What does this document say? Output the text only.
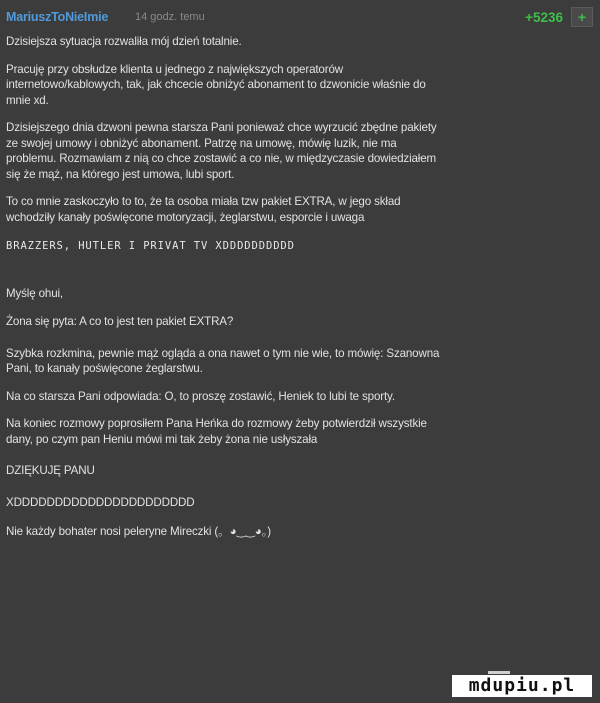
MariuszToNieImie 14 godz. temu	+5236	+

Dzisiejsza sytuacja rozwaliła mój dzień totalnie.

Pracuję przy obsłudze klienta u jednego z największych operatorów
internetowo/kablowych, tak, jak chcecie obniżyć abonament to dzwonicie właśnie do
mnie xd.

Dzisiejszego dnia dzwoni pewna starsza Pani ponieważ chce wyrzucić zbędne pakiety
ze swojej umowy i obniżyć abonament. Patrzę na umowę, mówię luzik, nie ma
problemu. Rozmawiam z nią co chce zostawić a co nie, w międzyczasie dowiedziałem
się że mąż, na którego jest umowa, lubi sport.

To co mnie zaskoczyło to to, że ta osoba miała tzw pakiet EXTRA, w jego skład
wchodziły kanały poświęcone motoryzacji, żeglarstwu, esporcie i uwaga

BRAZZERS, HUTLER I PRIVAT TV XDDDDDDDDDD

Myślę ohui,

Żona się pyta: A co to jest ten pakiet EXTRA?

Szybka rozkmina, pewnie mąż ogląda a ona nawet o tym nie wie, to mówię: Szanowna
Pani, to kanały poświęcone żeglarstwu.

Na co starsza Pani odpowiada: O, to proszę zostawić, Heniek to lubi te sporty.

Na koniec rozmowy poprosiłem Pana Heńka do rozmowy żeby potwierdził wszystkie
dany, po czym pan Heniu mówi mi tak żeby żona nie usłyszała

DZIĘKUJĘ PANU

XDDDDDDDDDDDDDDDDDDDDDD

Nie każdy bohater nosi peleryne Mireczki (。◕‿‿◕。)

mdupiu.pl
